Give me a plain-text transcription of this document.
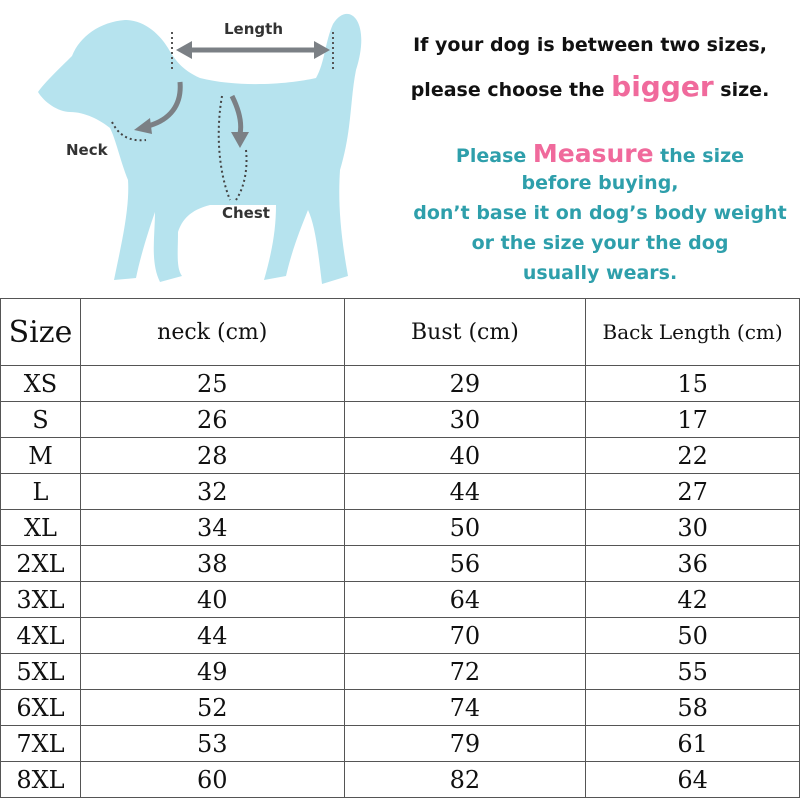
Length
Neck
Chest
If your dog is between two sizes,
please choose the bigger size.
Please Measure the size
before buying,
don’t base it on dog’s body weight
or the size your the dog
usually wears.
Size	neck (cm)	Bust (cm)	Back Length (cm)
XS	25	29	15
S	26	30	17
M	28	40	22
L	32	44	27
XL	34	50	30
2XL	38	56	36
3XL	40	64	42
4XL	44	70	50
5XL	49	72	55
6XL	52	74	58
7XL	53	79	61
8XL	60	82	64
